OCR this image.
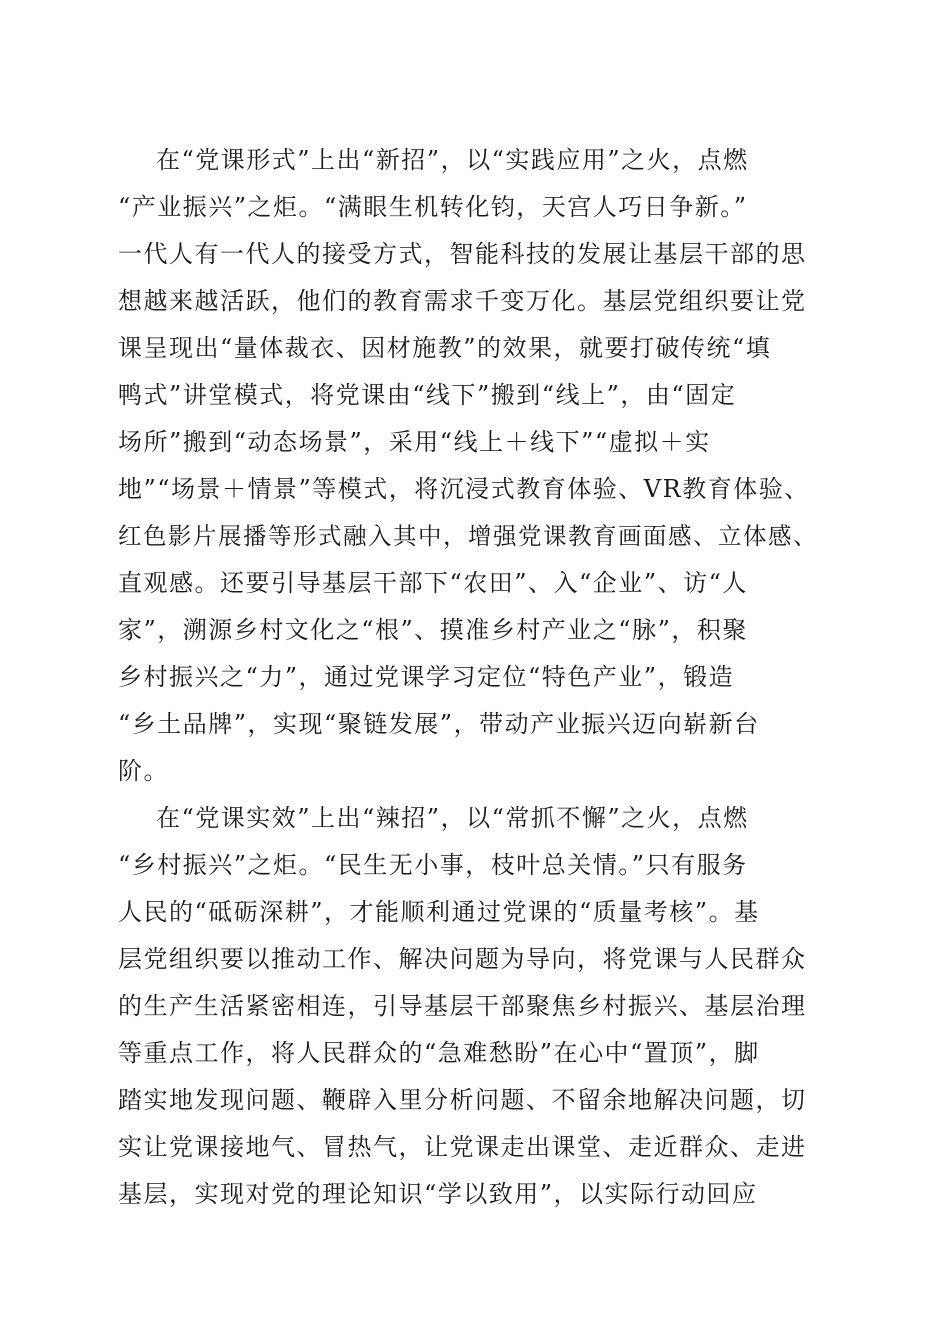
在“党课形式”上出“新招”，以“实践应用”之火，点燃
“产业振兴”之炬。“满眼生机转化钧，天宫人巧日争新。”
一代人有一代人的接受方式，智能科技的发展让基层干部的思
想越来越活跃，他们的教育需求千变万化。基层党组织要让党
课呈现出“量体裁衣、因材施教”的效果，就要打破传统“填
鸭式”讲堂模式，将党课由“线下”搬到“线上”，由“固定
场所”搬到“动态场景”，采用“线上＋线下”“虚拟＋实
地”“场景＋情景”等模式，将沉浸式教育体验、VR教育体验、
红色影片展播等形式融入其中，增强党课教育画面感、立体感、
直观感。还要引导基层干部下“农田”、入“企业”、访“人
家”，溯源乡村文化之“根”、摸准乡村产业之“脉”，积聚
乡村振兴之“力”，通过党课学习定位“特色产业”，锻造
“乡土品牌”，实现“聚链发展”，带动产业振兴迈向崭新台
阶。
在“党课实效”上出“辣招”，以“常抓不懈”之火，点燃
“乡村振兴”之炬。“民生无小事，枝叶总关情。”只有服务
人民的“砥砺深耕”，才能顺利通过党课的“质量考核”。基
层党组织要以推动工作、解决问题为导向，将党课与人民群众
的生产生活紧密相连，引导基层干部聚焦乡村振兴、基层治理
等重点工作，将人民群众的“急难愁盼”在心中“置顶”，脚
踏实地发现问题、鞭辟入里分析问题、不留余地解决问题，切
实让党课接地气、冒热气，让党课走出课堂、走近群众、走进
基层，实现对党的理论知识“学以致用”，以实际行动回应
